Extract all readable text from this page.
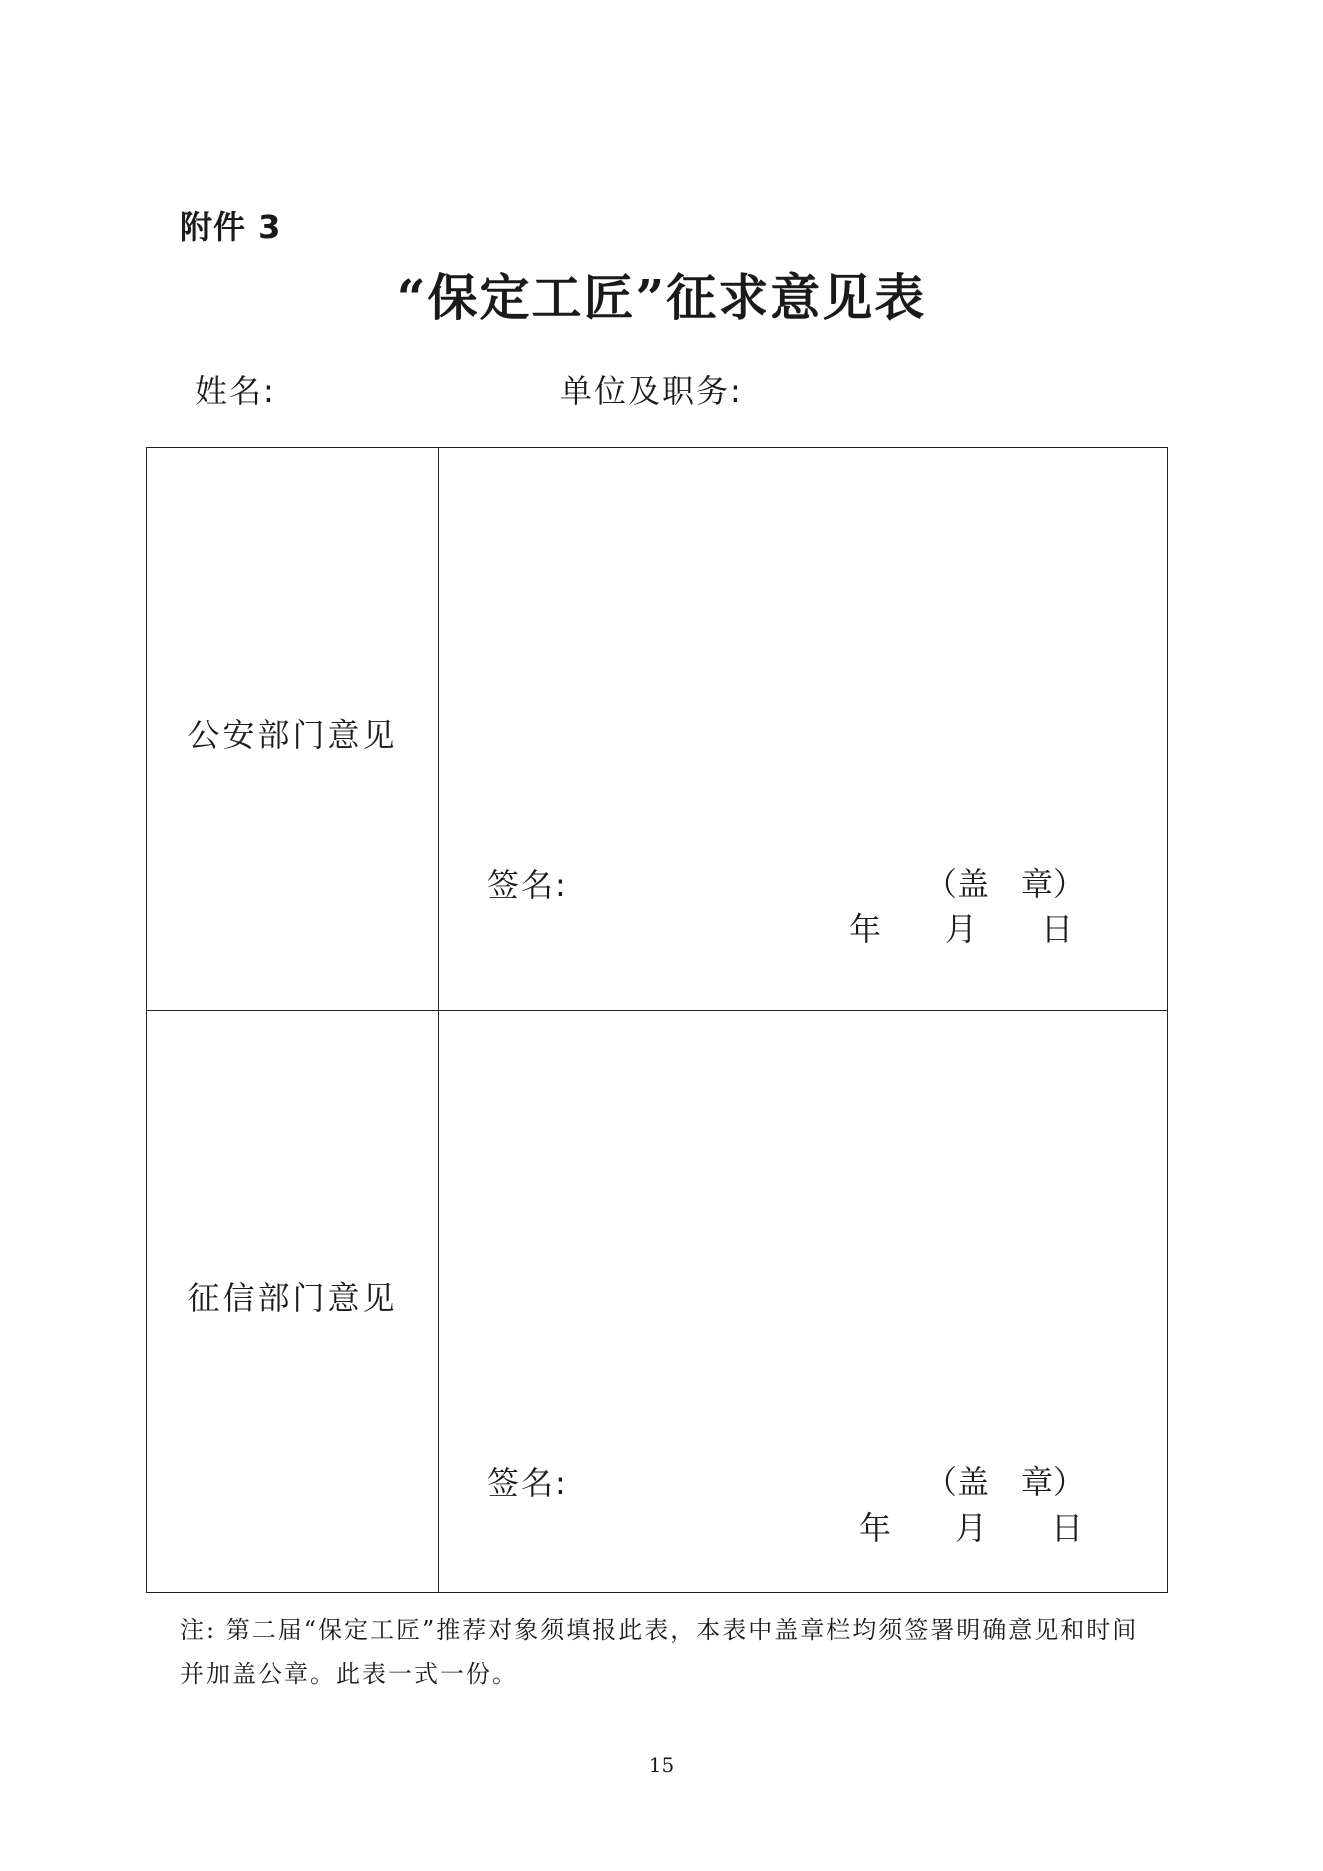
附件 3
“保定工匠”征求意见表
姓名:	单位及职务:
公安部门意见
签名:	（盖　章）
年　　月　　日
征信部门意见
签名:	（盖　章）
年　　月　　日
注: 第二届“保定工匠”推荐对象须填报此表，本表中盖章栏均须签署明确意见和时间并加盖公章。此表一式一份。
15
